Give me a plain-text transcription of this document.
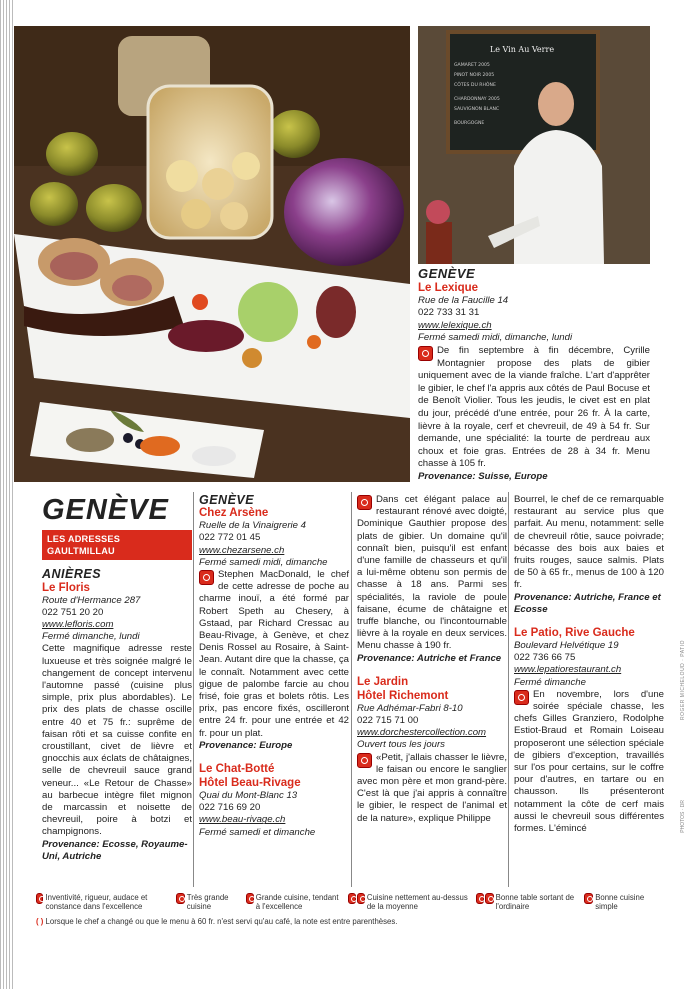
Le Vin Au Verre
GAMARET 2005
PINOT NOIR 2005
CÔTES DU RHÔNE
CHARDONNAY 2005
SAUVIGNON BLANC
BOURGOGNE
GENÈVE
Le Lexique
Rue de la Faucille 14
022 733 31 31
www.lelexique.ch
Fermé samedi midi, dimanche, lundi
De fin septembre à fin décembre, Cyrille Montagnier propose des plats de gibier uniquement avec de la viande fraîche. L'art d'apprêter le gibier, le chef l'a appris aux côtés de Paul Bocuse et de Benoît Violier. Tous les jeudis, le civet est en plat du jour, précédé d'une entrée, pour 26 fr. À la carte, lièvre à la royale, cerf et chevreuil, de 49 à 54 fr. Sur demande, une spécialité: la tourte de perdreau aux choux et foie gras. Entrées de 28 à 34 fr. Menu chasse à 105 fr.
Provenance: Suisse, Europe
GENÈVE
LES ADRESSES GAULTMILLAU
ANIÈRES
Le Floris
Route d'Hermance 287
022 751 20 20
www.lefloris.com
Fermé dimanche, lundi
Cette magnifique adresse reste luxueuse et très soignée malgré le changement de concept intervenu l'automne passé (cuisine plus simple, prix plus abordables). Le prix des plats de chasse oscille entre 40 et 75 fr.: suprême de faisan rôti et sa cuisse confite en croustillant, civet de lièvre et gnocchis aux éclats de châtaignes, selle de chevreuil sauce grand veneur... «Le Retour de Chasse» au barbecue intègre filet mignon de marcassin et noisette de chevreuil, poire à botzi et champignons.
Provenance: Ecosse, Royaume-Uni, Autriche
GENÈVE
Chez Arsène
Ruelle de la Vinaigrerie 4
022 772 01 45
www.chezarsene.ch
Fermé samedi midi, dimanche
Stephen MacDonald, le chef de cette adresse de poche au charme inouï, a été formé par Robert Speth au Chesery, à Gstaad, par Richard Cressac au Beau-Rivage, à Genève, et chez Denis Rossel au Rosaire, à Saint-Jean. Autant dire que la chasse, ça le connaît. Notamment avec cette gigue de palombe farcie au chou frisé, foie gras et bolets rôtis. Les prix, pas encore fixés, oscilleront entre 24 fr. pour une entrée et 42 fr. pour un plat.
Provenance: Europe
Le Chat-Botté
Hôtel Beau-Rivage
Quai du Mont-Blanc 13
022 716 69 20
www.beau-rivage.ch
Fermé samedi et dimanche
Dans cet élégant palace au restaurant rénové avec doigté, Dominique Gauthier propose des plats de gibier. Un domaine qu'il connaît bien, puisqu'il est enfant d'une famille de chasseurs et qu'il a lui-même obtenu son permis de chasse à 18 ans. Parmi ses spécialités, la raviole de poule faisane, écume de châtaigne et truffe blanche, ou l'incontournable lièvre à la royale en deux services. Menu chasse à 190 fr.
Provenance: Autriche et France
Le Jardin
Hôtel Richemont
Rue Adhémar-Fabri 8-10
022 715 71 00
www.dorchestercollection.com
Ouvert tous les jours
«Petit, j'allais chasser le lièvre, le faisan ou encore le sanglier avec mon père et mon grand-père. C'est là que j'ai appris à connaître le gibier, le respect de l'animal et de la nature», explique Philippe
Bourrel, le chef de ce remarquable restaurant au service plus que parfait. Au menu, notamment: selle de chevreuil rôtie, sauce poivrade; bécasse des bois aux baies et fruits rouges, sauce salmis. Plats de 50 à 65 fr., menus de 100 à 120 fr.
Provenance: Autriche, France et Ecosse
Le Patio, Rive Gauche
Boulevard Helvétique 19
022 736 66 75
www.lepatiorestaurant.ch
Fermé dimanche
En novembre, lors d'une soirée spéciale chasse, les chefs Gilles Granziero, Rodolphe Estiot-Braud et Romain Loiseau proposeront une sélection spéciale de gibiers d'exception, travaillés sur l'os pour certains, sur le coffre pour d'autres, en tartare ou en chausson. Ils présenteront notamment la côte de cerf mais aussi le chevreuil sous différentes formes. L'émincé
ROGER MICHELOUD · PATIO
PHOTOS · DR
Inventivité, rigueur, audace et constance dans l'excellence
Très grande cuisine
Grande cuisine, tendant à l'excellence
Cuisine nettement au-dessus de la moyenne
Bonne table sortant de l'ordinaire
Bonne cuisine simple
( ) Lorsque le chef a changé ou que le menu à 60 fr. n'est servi qu'au café, la note est entre parenthèses.
